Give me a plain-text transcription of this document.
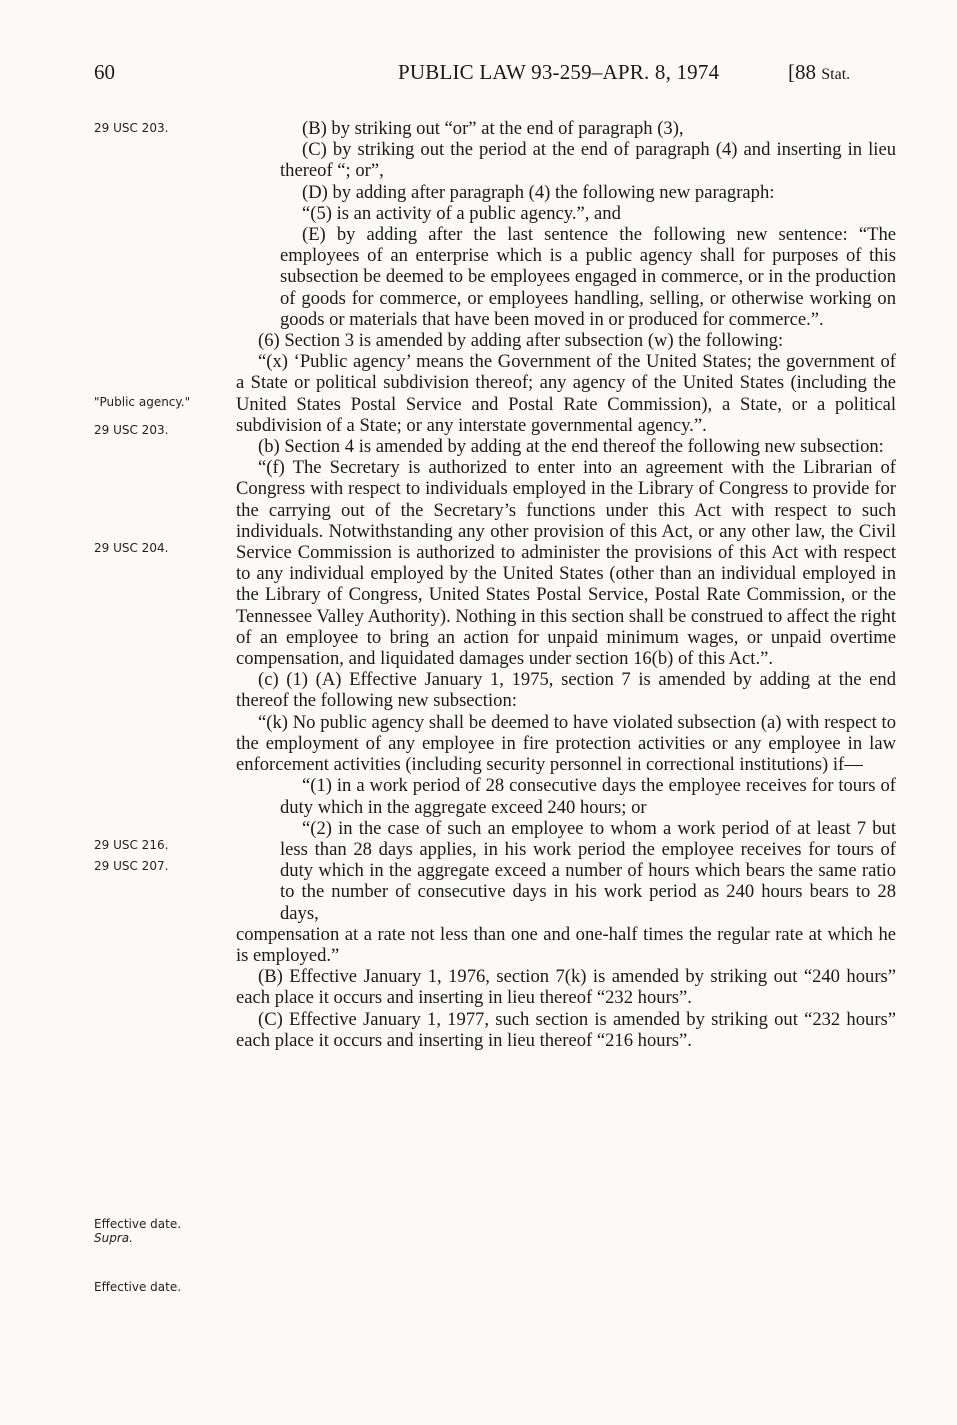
60	PUBLIC LAW 93-259–APR. 8, 1974	[88 Stat.
29 USC 203.
"Public agency."
29 USC 203.
29 USC 204.
29 USC 216.
29 USC 207.
Effective date.
Supra.
Effective date.

(B) by striking out “or” at the end of paragraph (3),

(C) by striking out the period at the end of paragraph (4) and inserting in lieu thereof “; or”,

(D) by adding after paragraph (4) the following new paragraph:

“(5) is an activity of a public agency.”, and

(E) by adding after the last sentence the following new sentence: “The employees of an enterprise which is a public agency shall for purposes of this subsection be deemed to be employees engaged in commerce, or in the production of goods for commerce, or employees handling, selling, or otherwise working on goods or materials that have been moved in or produced for commerce.”.

(6) Section 3 is amended by adding after subsection (w) the following:

“(x) ‘Public agency’ means the Government of the United States; the government of a State or political subdivision thereof; any agency of the United States (including the United States Postal Service and Postal Rate Commission), a State, or a political subdivision of a State; or any interstate governmental agency.”.

(b) Section 4 is amended by adding at the end thereof the following new subsection:

“(f) The Secretary is authorized to enter into an agreement with the Librarian of Congress with respect to individuals employed in the Library of Congress to provide for the carrying out of the Secretary’s functions under this Act with respect to such individuals. Notwithstanding any other provision of this Act, or any other law, the Civil Service Commission is authorized to administer the provisions of this Act with respect to any individual employed by the United States (other than an individual employed in the Library of Congress, United States Postal Service, Postal Rate Commission, or the Tennessee Valley Authority). Nothing in this section shall be construed to affect the right of an employee to bring an action for unpaid minimum wages, or unpaid overtime compensation, and liquidated damages under section 16(b) of this Act.”.

(c) (1) (A) Effective January 1, 1975, section 7 is amended by adding at the end thereof the following new subsection:

“(k) No public agency shall be deemed to have violated subsection (a) with respect to the employment of any employee in fire protection activities or any employee in law enforcement activities (including security personnel in correctional institutions) if—

“(1) in a work period of 28 consecutive days the employee receives for tours of duty which in the aggregate exceed 240 hours; or

“(2) in the case of such an employee to whom a work period of at least 7 but less than 28 days applies, in his work period the employee receives for tours of duty which in the aggregate exceed a number of hours which bears the same ratio to the number of consecutive days in his work period as 240 hours bears to 28 days,

compensation at a rate not less than one and one-half times the regular rate at which he is employed.”

(B) Effective January 1, 1976, section 7(k) is amended by striking out “240 hours” each place it occurs and inserting in lieu thereof “232 hours”.

(C) Effective January 1, 1977, such section is amended by striking out “232 hours” each place it occurs and inserting in lieu thereof “216 hours”.
